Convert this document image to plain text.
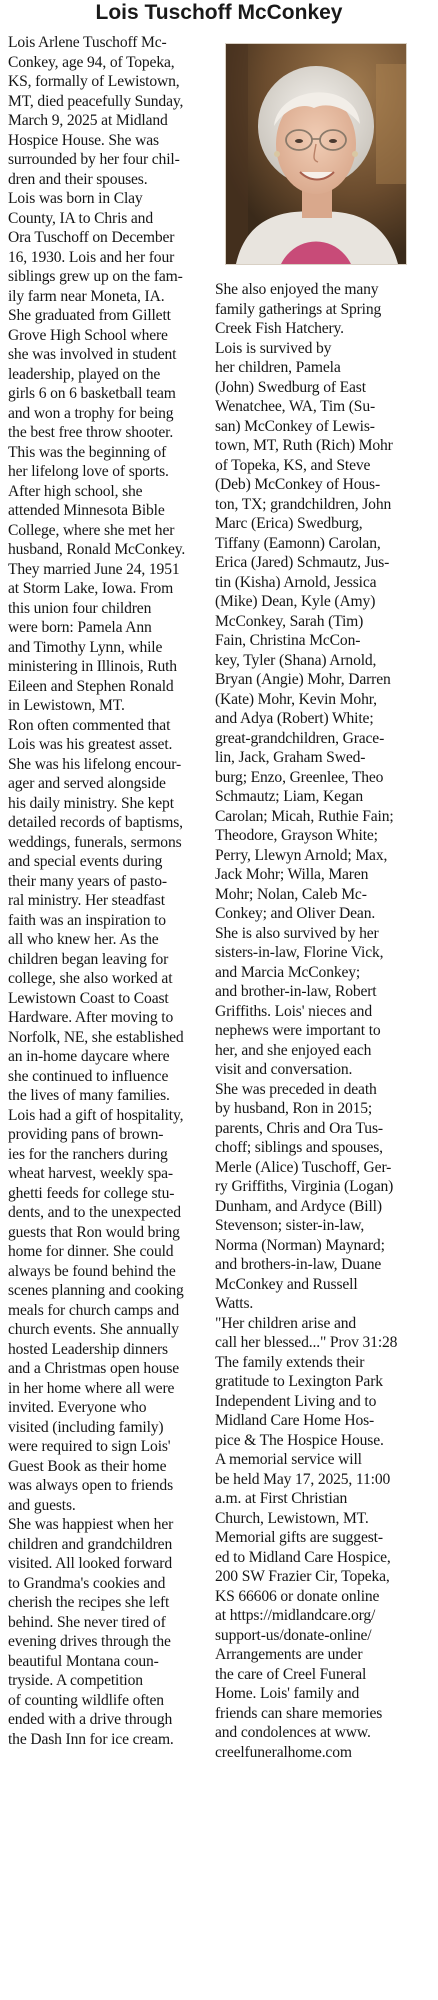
Lois Tuschoff McConkey

Lois Arlene Tuschoff Mc-
Conkey, age 94, of Topeka,
KS, formally of Lewistown,
MT, died peacefully Sunday,
March 9, 2025 at Midland
Hospice House. She was
surrounded by her four chil-
dren and their spouses.

Lois was born in Clay
County, IA to Chris and
Ora Tuschoff on December
16, 1930. Lois and her four
siblings grew up on the fam-
ily farm near Moneta, IA.
She graduated from Gillett
Grove High School where
she was involved in student
leadership, played on the
girls 6 on 6 basketball team
and won a trophy for being
the best free throw shooter.
This was the beginning of
her lifelong love of sports.

After high school, she
attended Minnesota Bible
College, where she met her
husband, Ronald McConkey.
They married June 24, 1951
at Storm Lake, Iowa. From
this union four children
were born: Pamela Ann
and Timothy Lynn, while
ministering in Illinois, Ruth
Eileen and Stephen Ronald
in Lewistown, MT.

Ron often commented that
Lois was his greatest asset.
She was his lifelong encour-
ager and served alongside
his daily ministry. She kept
detailed records of baptisms,
weddings, funerals, sermons
and special events during
their many years of pasto-
ral ministry. Her steadfast
faith was an inspiration to
all who knew her. As the
children began leaving for
college, she also worked at
Lewistown Coast to Coast
Hardware. After moving to
Norfolk, NE, she established
an in-home daycare where
she continued to influence
the lives of many families.
Lois had a gift of hospitality,
providing pans of brown-
ies for the ranchers during
wheat harvest, weekly spa-
ghetti feeds for college stu-
dents, and to the unexpected
guests that Ron would bring
home for dinner. She could
always be found behind the
scenes planning and cooking
meals for church camps and
church events. She annually
hosted Leadership dinners
and a Christmas open house
in her home where all were
invited. Everyone who
visited (including family)
were required to sign Lois'
Guest Book as their home
was always open to friends
and guests.

She was happiest when her
children and grandchildren
visited. All looked forward
to Grandma's cookies and
cherish the recipes she left
behind. She never tired of
evening drives through the
beautiful Montana coun-
tryside. A competition
of counting wildlife often
ended with a drive through
the Dash Inn for ice cream.

She also enjoyed the many
family gatherings at Spring
Creek Fish Hatchery.

Lois is survived by
her children, Pamela
(John) Swedburg of East
Wenatchee, WA, Tim (Su-
san) McConkey of Lewis-
town, MT, Ruth (Rich) Mohr
of Topeka, KS, and Steve
(Deb) McConkey of Hous-
ton, TX; grandchildren, John
Marc (Erica) Swedburg,
Tiffany (Eamonn) Carolan,
Erica (Jared) Schmautz, Jus-
tin (Kisha) Arnold, Jessica
(Mike) Dean, Kyle (Amy)
McConkey, Sarah (Tim)
Fain, Christina McCon-
key, Tyler (Shana) Arnold,
Bryan (Angie) Mohr, Darren
(Kate) Mohr, Kevin Mohr,
and Adya (Robert) White;
great-grandchildren, Grace-
lin, Jack, Graham Swed-
burg; Enzo, Greenlee, Theo
Schmautz; Liam, Kegan
Carolan; Micah, Ruthie Fain;
Theodore, Grayson White;
Perry, Llewyn Arnold; Max,
Jack Mohr; Willa, Maren
Mohr; Nolan, Caleb Mc-
Conkey; and Oliver Dean.
She is also survived by her
sisters-in-law, Florine Vick,
and Marcia McConkey;
and brother-in-law, Robert
Griffiths. Lois' nieces and
nephews were important to
her, and she enjoyed each
visit and conversation.

She was preceded in death
by husband, Ron in 2015;
parents, Chris and Ora Tus-
choff; siblings and spouses,
Merle (Alice) Tuschoff, Ger-
ry Griffiths, Virginia (Logan)
Dunham, and Ardyce (Bill)
Stevenson; sister-in-law,
Norma (Norman) Maynard;
and brothers-in-law, Duane
McConkey and Russell
Watts.

"Her children arise and
call her blessed..." Prov 31:28

The family extends their
gratitude to Lexington Park
Independent Living and to
Midland Care Home Hos-
pice & The Hospice House.

A memorial service will
be held May 17, 2025, 11:00
a.m. at First Christian
Church, Lewistown, MT.

Memorial gifts are suggest-
ed to Midland Care Hospice,
200 SW Frazier Cir, Topeka,
KS 66606 or donate online
at https://midlandcare.org/
support-us/donate-online/

Arrangements are under
the care of Creel Funeral
Home. Lois' family and
friends can share memories
and condolences at www.
creelfuneralhome.com
